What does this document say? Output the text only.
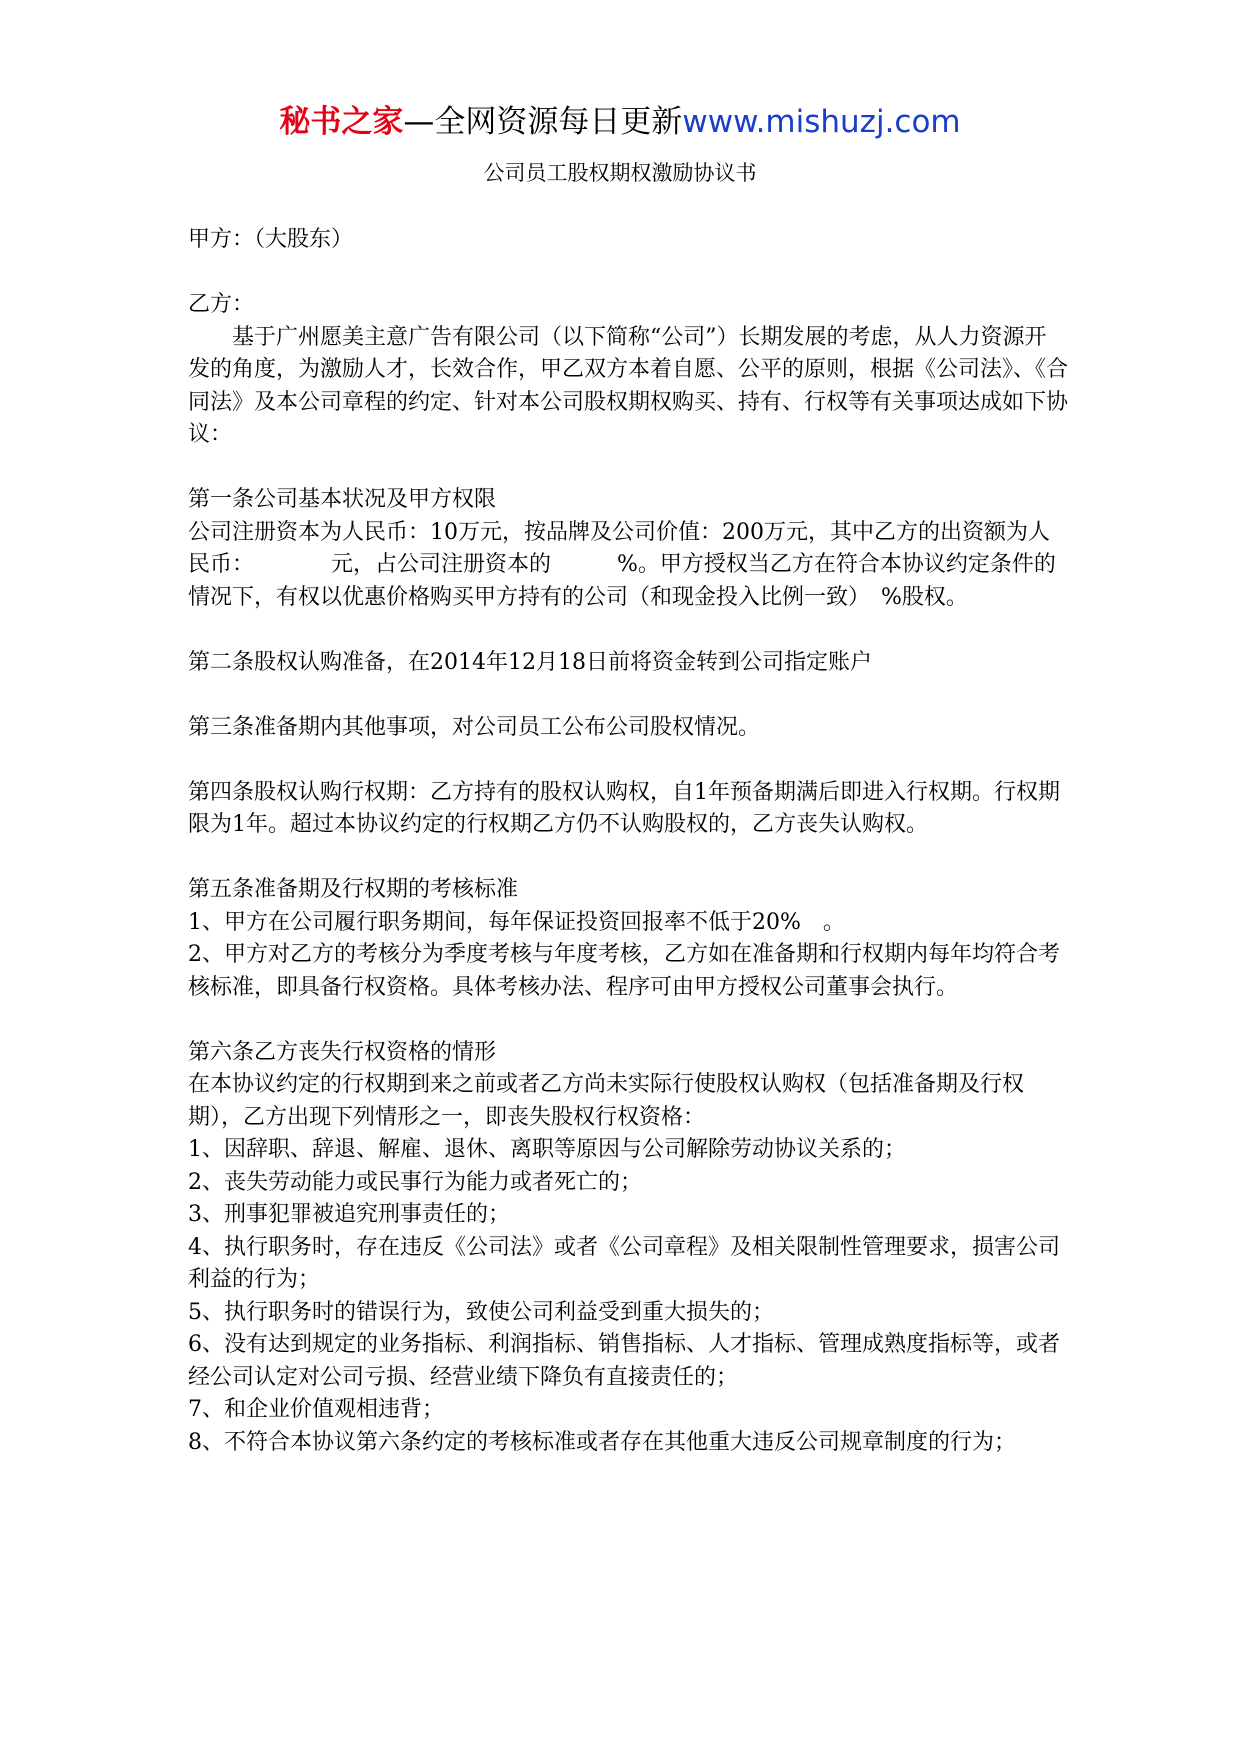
秘书之家—全网资源每日更新www.mishuzj.com
公司员工股权期权激励协议书

甲方：（大股东）

乙方：

基于广州愿美主意广告有限公司（以下简称“公司”）长期发展的考虑，从人力资源开发的角度，为激励人才，长效合作，甲乙双方本着自愿、公平的原则，根据《公司法》、《合同法》及本公司章程的约定、针对本公司股权期权购买、持有、行权等有关事项达成如下协议：

第一条公司基本状况及甲方权限

公司注册资本为人民币：10万元，按品牌及公司价值：200万元，其中乙方的出资额为人民币：　　　　元，占公司注册资本的　　　%。甲方授权当乙方在符合本协议约定条件的情况下，有权以优惠价格购买甲方持有的公司（和现金投入比例一致）　%股权。

第二条股权认购准备，在2014年12月18日前将资金转到公司指定账户

第三条准备期内其他事项，对公司员工公布公司股权情况。

第四条股权认购行权期：乙方持有的股权认购权，自1年预备期满后即进入行权期。行权期限为1年。超过本协议约定的行权期乙方仍不认购股权的，乙方丧失认购权。

第五条准备期及行权期的考核标准

1、甲方在公司履行职务期间，每年保证投资回报率不低于20%　。

2、甲方对乙方的考核分为季度考核与年度考核，乙方如在准备期和行权期内每年均符合考核标准，即具备行权资格。具体考核办法、程序可由甲方授权公司董事会执行。

第六条乙方丧失行权资格的情形

在本协议约定的行权期到来之前或者乙方尚未实际行使股权认购权（包括准备期及行权期），乙方出现下列情形之一，即丧失股权行权资格：

1、因辞职、辞退、解雇、退休、离职等原因与公司解除劳动协议关系的；

2、丧失劳动能力或民事行为能力或者死亡的；

3、刑事犯罪被追究刑事责任的；

4、执行职务时，存在违反《公司法》或者《公司章程》及相关限制性管理要求，损害公司利益的行为；

5、执行职务时的错误行为，致使公司利益受到重大损失的；

6、没有达到规定的业务指标、利润指标、销售指标、人才指标、管理成熟度指标等，或者经公司认定对公司亏损、经营业绩下降负有直接责任的；

7、和企业价值观相违背；

8、不符合本协议第六条约定的考核标准或者存在其他重大违反公司规章制度的行为；
